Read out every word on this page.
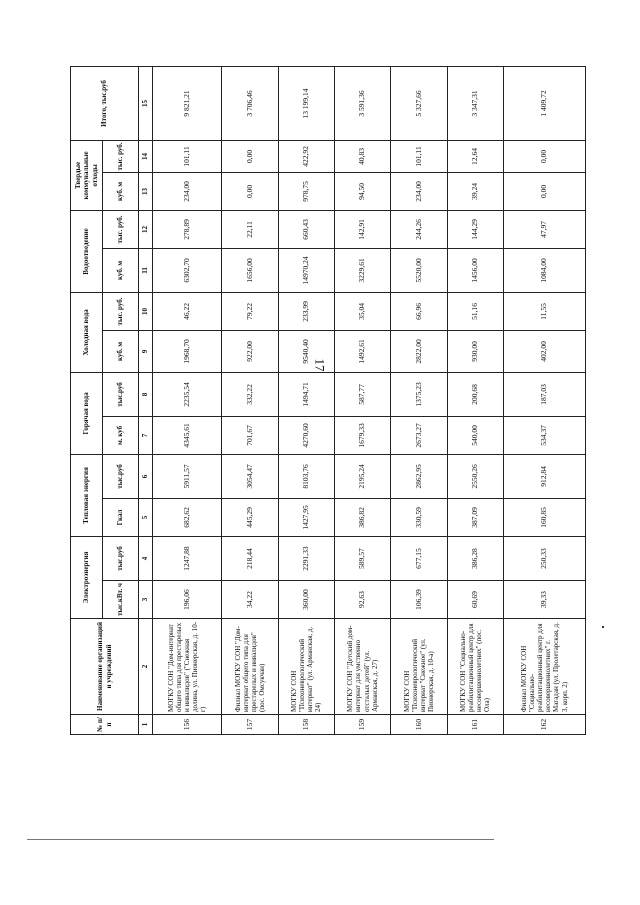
17
№ п/п	Наименование организаций и учреждений	Электроэнергия		Тепловая энергия		Горячая вода		Холодная вода		Водоотведение		Твердые коммунальные отходы		Итого, тыс.руб
		тыс.кВт. ч	тыс.руб	Гкал	тыс.руб	м. куб	тыс.руб	куб. м	тыс. руб.	куб. м	тыс. руб.	куб. м	тыс. руб.	
1	2	3	4	5	6	7	8	9	10	11	12	13	14	15
156	МОГКУ СОН "Дом-интернат общего типа для престарелых и инвалидов" ("Снежная долина, ул. Пионерская, д. 10-г)	196,06	1247,88	682,62	5911,57	4345,61	2235,54	1968,70	46,22	6302,70	278,89	234,00	101,11	9 821,21
157	Филиал МОГКУ СОН "Дом-интернат общего типа для престарелых и инвалидов" (пос. Омсукчан)	34,22	218,44	445,29	3054,47	701,67	332,22	922,00	79,22	1656,00	22,11	0,00	0,00	3 706,46
158	МОГКУ СОН "Психоневрологический интернат" (ул. Арманская, д. 24)	360,00	2291,33	1427,95	8103,76	4270,60	1494,71	9540,40	233,99	14970,24	660,43	978,75	422,92	13 199,14
159	МОГКУ СОН "Детский дом-интернат для умственно отсталых детей" (ул. Арманская, д. 27)	92,63	589,57	386,82	2195,24	1679,33	587,77	1492,61	35,04	3229,61	142,91	94,50	40,83	3 591,36
160	МОГКУ СОН "Психоневрологический интернат "Снежное" (ул. Пионерская, д. 10-а)	106,39	677,15	330,59	2862,95	2673,27	1375,23	2822,00	66,96	5520,00	244,26	234,00	101,11	5 327,66
161	МОГКУ СОН "Социально-реабилитационный центр для несовершеннолетних" (пос. Ола)	60,69	386,28	387,09	2550,26	540,00	200,68	930,00	51,16	1456,00	144,29	39,24	12,64	3 347,31
162	Филиал МОГКУ СОН "Социально-реабилитационный центр для несовершеннолетних" г. Магадан (ул. Пролетарская, д. 3, корп. 2)	39,33	250,33	160,85	912,84	534,37	187,03	402,00	11,55	1084,00	47,97	0,00	0,00	1 409,72
